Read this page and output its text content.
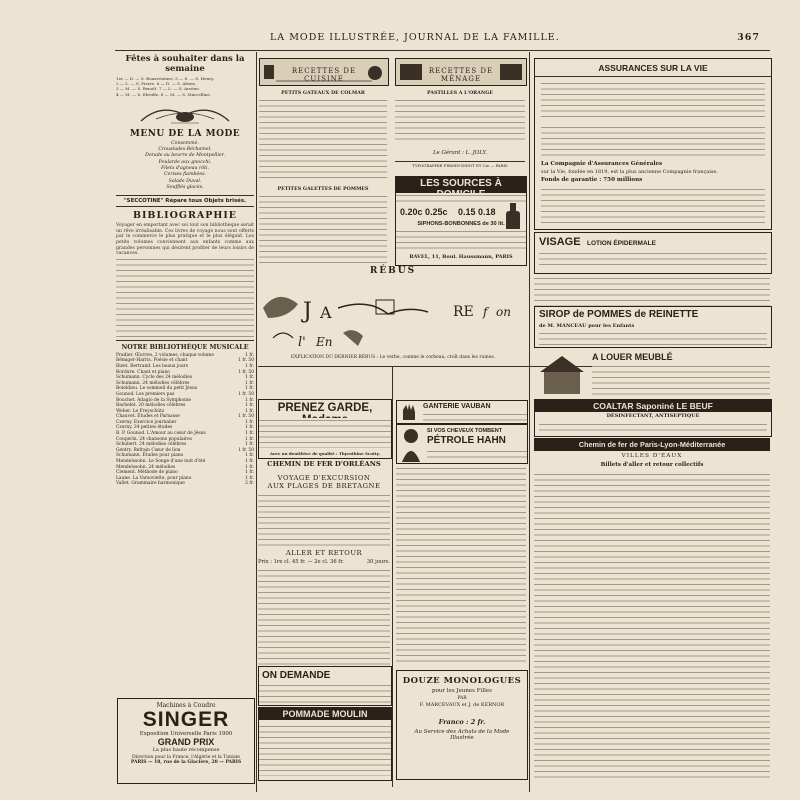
LA MODE ILLUSTRÉE, JOURNAL DE LA FAMILLE.	367
Fêtes à souhaiter dans la semaine
1er — D. — S. Bonaventure. 5 — S. — S. Henry.
2 — L. — S. Pierre. 6 — D. — S. Alexis.
3 — M. — S. Benoît. 7 — L. — S. Arsène.
4 — M. — S. Ebrulfe. 8 — M. — S. Marcelline.
MENU DE LA MODE
Consommé.
Croustades Béchamel.
Dorade au beurre de Montpellier.
Poularde aux gnocchi.
Filets d'agneau rôti.
Cerises flambées.
Salade Duval.
Soufflés glacés.
"SECCOTINE" Répare tous Objets brisés.
BIBLIOGRAPHIE
Voyager en emportant avec soi tout son bibliothèque serait un rêve irréalisable. Ces livres de voyage nous sont offerts par le commerce le plus pratique et le plus élégant. Les petits volumes conviennent aux enfants comme aux grandes personnes qui désirent profiter de leurs loisirs de vacances.
NOTRE BIBLIOTHÈQUE MUSICALE
Pradier. Œuvres, 2 volumes, chaque volume	1 fr.
Bémiger-Harris. Poésie et chant	1 fr. 50
Bizet. Bertrand. Les beaux jours	1 fr.
Bordure. Chant et piano	1 fr. 50
Schumann. Cycle des 24 mélodies	1 fr.
Schumann. 24 mélodies célèbres	1 fr.
Boieldieu. Le sommeil du petit Jésus	1 fr.
Gounod. Les premiers pas	1 fr. 50
Bouchet. Adagio de la Symphonie	1 fr.
Bachelet. 20 mélodies célèbres	1 fr.
Weber. Le Freyschütz	1 fr.
Chauvet. Études et Parnasse	1 fr. 50
Czerny. Exercice journalier	1 fr.
Czerny. 24 petites études	1 fr.
B. P. Gounod. L'Amour au cœur de Jésus	1 fr.
Couperin. 24 chansons populaires	1 fr.
Schubert. 24 mélodies célèbres	1 fr.
Gentry. Refrain Cœur de lion	1 fr. 50
Schumann. Études pour piano	1 fr.
Mendelssohn. Le Songe d'une nuit d'été	1 fr.
Mendelssohn. 24 mélodies	1 fr.
Clement. Méthode de piano	1 fr.
Laune. La Varsoviette, pour piano	1 fr.
Vallet. Grammaire harmonique	2 fr.
Machines à Coudre
SINGER
Exposition Universelle Paris 1900
GRAND PRIX
La plus haute récompense
Direction pour la France, l'Algérie et la Tunisie
PARIS — 18, rue de la Glacière, 20 — PARIS
RECETTES DE CUISINE
RECETTES DE MÉNAGE
PETITS GATEAUX DE COLMAR	PASTILLES A L'ORANGE
Le Gérant : L. JOLY.
TYPOGRAPHIE FIRMIN-DIDOT ET Cie — PARIS
PETITES GALETTES DE POMMES	LES SOURCES À
0.20c 0.25c 0.15 0.18
SIPHONS-BONBONNES de 30 lit.
RAVEL, 11, Boul. Haussmann, PARIS
RÉBUS
J A	RE f on
l' En
EXPLICATION DU DERNIER RÉBUS : Le verbe, comme le corbeau, croît dans les ruines.
PRENEZ GARDE,
Avec un dentifrice de qualité : Thyrothine Scotty.
CHEMIN DE FER D'ORLÉANS
VOYAGE D'EXCURSION
AUX PLAGES DE BRETAGNE
ALLER ET RETOUR
Prix : 1re cl. 45 fr. — 2e cl. 36 fr.	30 jours.
ON DEMANDE
POMMADE MOULIN
GANTERIE VAUBAN
SI VOS CHEVEUX TOMBENT
PÉTROLE HAHN
DOUZE MONOLOGUES
pour les Jeunes Filles
PAR
F. MARCEVAUX et J. de KERNOR
Franco : 2 fr.
Au Service des Achats de la Mode Illustrée
ASSURANCES SUR LA VIE
La Compagnie d'Assurances Générales
sur la Vie, fondée en 1819, est la plus ancienne Compagnie française.
Fonds de garantie : 750 millions
VISAGE LOTION ÉPIDERMALE
SIROP de POMMES de REINETTE
de M. MANCEAU pour les Enfants
A LOUER MEUBLÉ
COALTAR Saponiné LE BEUF
DÉSINFECTANT, ANTISEPTIQUE
Chemin de fer de Paris-Lyon-Méditerranée
VILLES D'EAUX
Billets d'aller et retour collectifs
